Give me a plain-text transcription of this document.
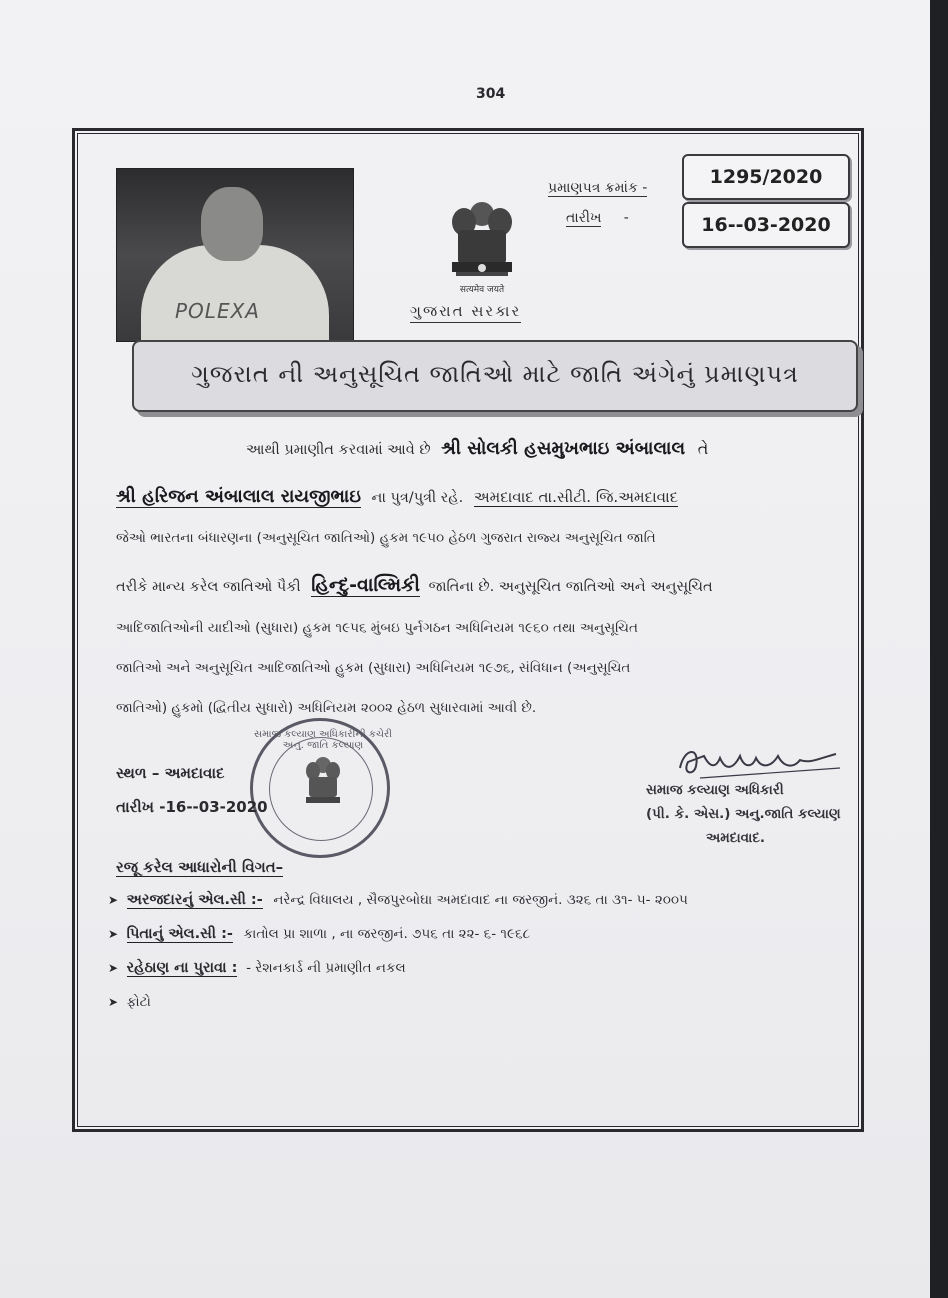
304
POLEXA
सत्यमेव जयते
ગુજરાત સરકાર
પ્રમાણપત્ર ક્રમાંક -
તારીખ -
1295/2020
16--03-2020
ગુજરાત ની અનુસૂચિત જાતિઓ માટે જાતિ અંગેનું પ્રમાણપત્ર
આથી પ્રમાણીત કરવામાં આવે છે શ્રી સોલકી હસમુખભાઇ અંબાલાલ તે
શ્રી હરિજન અંબાલાલ રાયજીભાઇ ના પુત્ર/પુત્રી રહે. અમદાવાદ તા.સીટી. જિ.અમદાવાદ
જેઓ ભારતના બંધારણના (અનુસૂચિત જાતિઓ) હુકમ ૧૯૫૦ હેઠળ ગુજરાત રાજ્ય અનુસૂચિત જાતિ
તરીકે માન્ય કરેલ જાતિઓ પૈકી હિન્દુ-વાલ્મિકી જાતિના છે. અનુસૂચિત જાતિઓ અને અનુસૂચિત
આદિજાતિઓની યાદીઓ (સુધારા) હુકમ ૧૯૫૬ મુંબઇ પુર્નગઠન અધિનિયમ ૧૯૬૦ તથા અનુસૂચિત
જાતિઓ અને અનુસૂચિત આદિજાતિઓ હુકમ (સુધારા) અધિનિયમ ૧૯૭૬, સંવિધાન (અનુસૂચિત
જાતિઓ) હુકમો (દ્વિતીય સુધારો) અધિનિયમ ૨૦૦૨ હેઠળ સુધારવામાં આવી છે.
સમાજ કલ્યાણ અધિકારીની કચેરી અનુ. જાતિ કલ્યાણ
સ્થળ – અમદાવાદ
તારીખ -16--03-2020
સમાજ કલ્યાણ અધિકારી
(પી. કે. એસ.) અનુ.જાતિ કલ્યાણ
અમદાવાદ.
રજૂ કરેલ આધારોની વિગત–
➤ અરજદારનું એલ.સી :- નરેન્દ્ર વિધાલય , સૈજપુરબોઘા અમદાવાદ ના જરજીનં. ૩૨૬ તા ૩૧- ૫- ૨૦૦૫
➤ પિતાનું એલ.સી :- કાતોલ પ્રા શાળા , ના જરજીનં. ૭૫૬ તા ૨૨- ૬- ૧૯૬૮
➤ રહેઠાણ ના પુરાવા : - રેશનકાર્ડ ની પ્રમાણીત નકલ
➤ ફોટો
